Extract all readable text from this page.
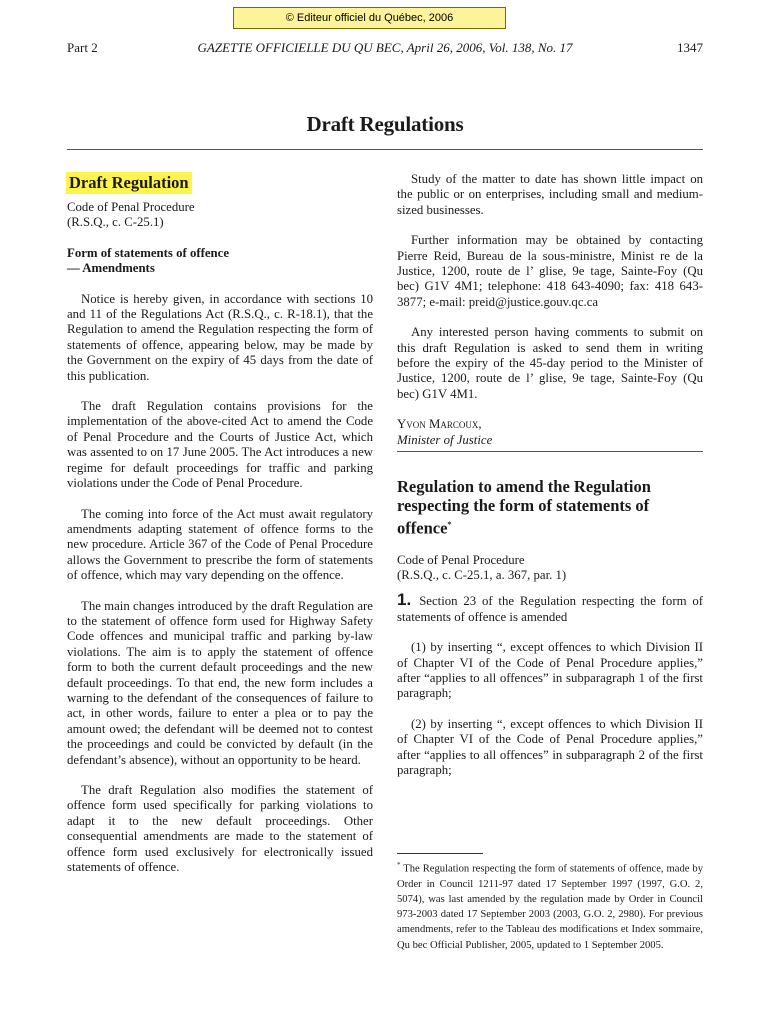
© Editeur officiel du Québec, 2006
Part 2	GAZETTE OFFICIELLE DU QU BEC, April 26, 2006, Vol. 138, No. 17	1347
Draft Regulations
Draft Regulation

Code of Penal Procedure

(R.S.Q., c. C-25.1)

Form of statements of offence

— Amendments

Notice is hereby given, in accordance with sections 10 and 11 of the Regulations Act (R.S.Q., c. R-18.1), that the Regulation to amend the Regulation respecting the form of statements of offence, appearing below, may be made by the Government on the expiry of 45 days from the date of this publication.

The draft Regulation contains provisions for the implementation of the above-cited Act to amend the Code of Penal Procedure and the Courts of Justice Act, which was assented to on 17 June 2005. The Act introduces a new regime for default proceedings for traffic and parking violations under the Code of Penal Procedure.

The coming into force of the Act must await regulatory amendments adapting statement of offence forms to the new procedure. Article 367 of the Code of Penal Procedure allows the Government to prescribe the form of statements of offence, which may vary depending on the offence.

The main changes introduced by the draft Regulation are to the statement of offence form used for Highway Safety Code offences and municipal traffic and parking by-law violations. The aim is to apply the statement of offence form to both the current default proceedings and the new default proceedings. To that end, the new form includes a warning to the defendant of the consequences of failure to act, in other words, failure to enter a plea or to pay the amount owed; the defendant will be deemed not to contest the proceedings and could be convicted by default (in the defendant’s absence), without an opportunity to be heard.

The draft Regulation also modifies the statement of offence form used specifically for parking violations to adapt it to the new default proceedings. Other consequential amendments are made to the statement of offence form used exclusively for electronically issued statements of offence.

Study of the matter to date has shown little impact on the public or on enterprises, including small and medium-sized businesses.

Further information may be obtained by contacting Pierre Reid, Bureau de la sous-ministre, Minist re de la Justice, 1200, route de l’ glise, 9e tage, Sainte-Foy (Qu bec) G1V 4M1; telephone: 418 643-4090; fax: 418 643-3877; e-mail: preid@justice.gouv.qc.ca

Any interested person having comments to submit on this draft Regulation is asked to send them in writing before the expiry of the 45-day period to the Minister of Justice, 1200, route de l’ glise, 9e tage, Sainte-Foy (Qu bec) G1V 4M1.

Yvon Marcoux,

Minister of Justice

Regulation to amend the Regulation respecting the form of statements of offence*

Code of Penal Procedure

(R.S.Q., c. C-25.1, a. 367, par. 1)

1. Section 23 of the Regulation respecting the form of statements of offence is amended

(1) by inserting “, except offences to which Division II of Chapter VI of the Code of Penal Procedure applies,” after “applies to all offences” in subparagraph 1 of the first paragraph;

(2) by inserting “, except offences to which Division II of Chapter VI of the Code of Penal Procedure applies,” after “applies to all offences” in subparagraph 2 of the first paragraph;

* The Regulation respecting the form of statements of offence, made by Order in Council 1211-97 dated 17 September 1997 (1997, G.O. 2, 5074), was last amended by the regulation made by Order in Council 973-2003 dated 17 September 2003 (2003, G.O. 2, 2980). For previous amendments, refer to the Tableau des modifications et Index sommaire, Qu bec Official Publisher, 2005, updated to 1 September 2005.
